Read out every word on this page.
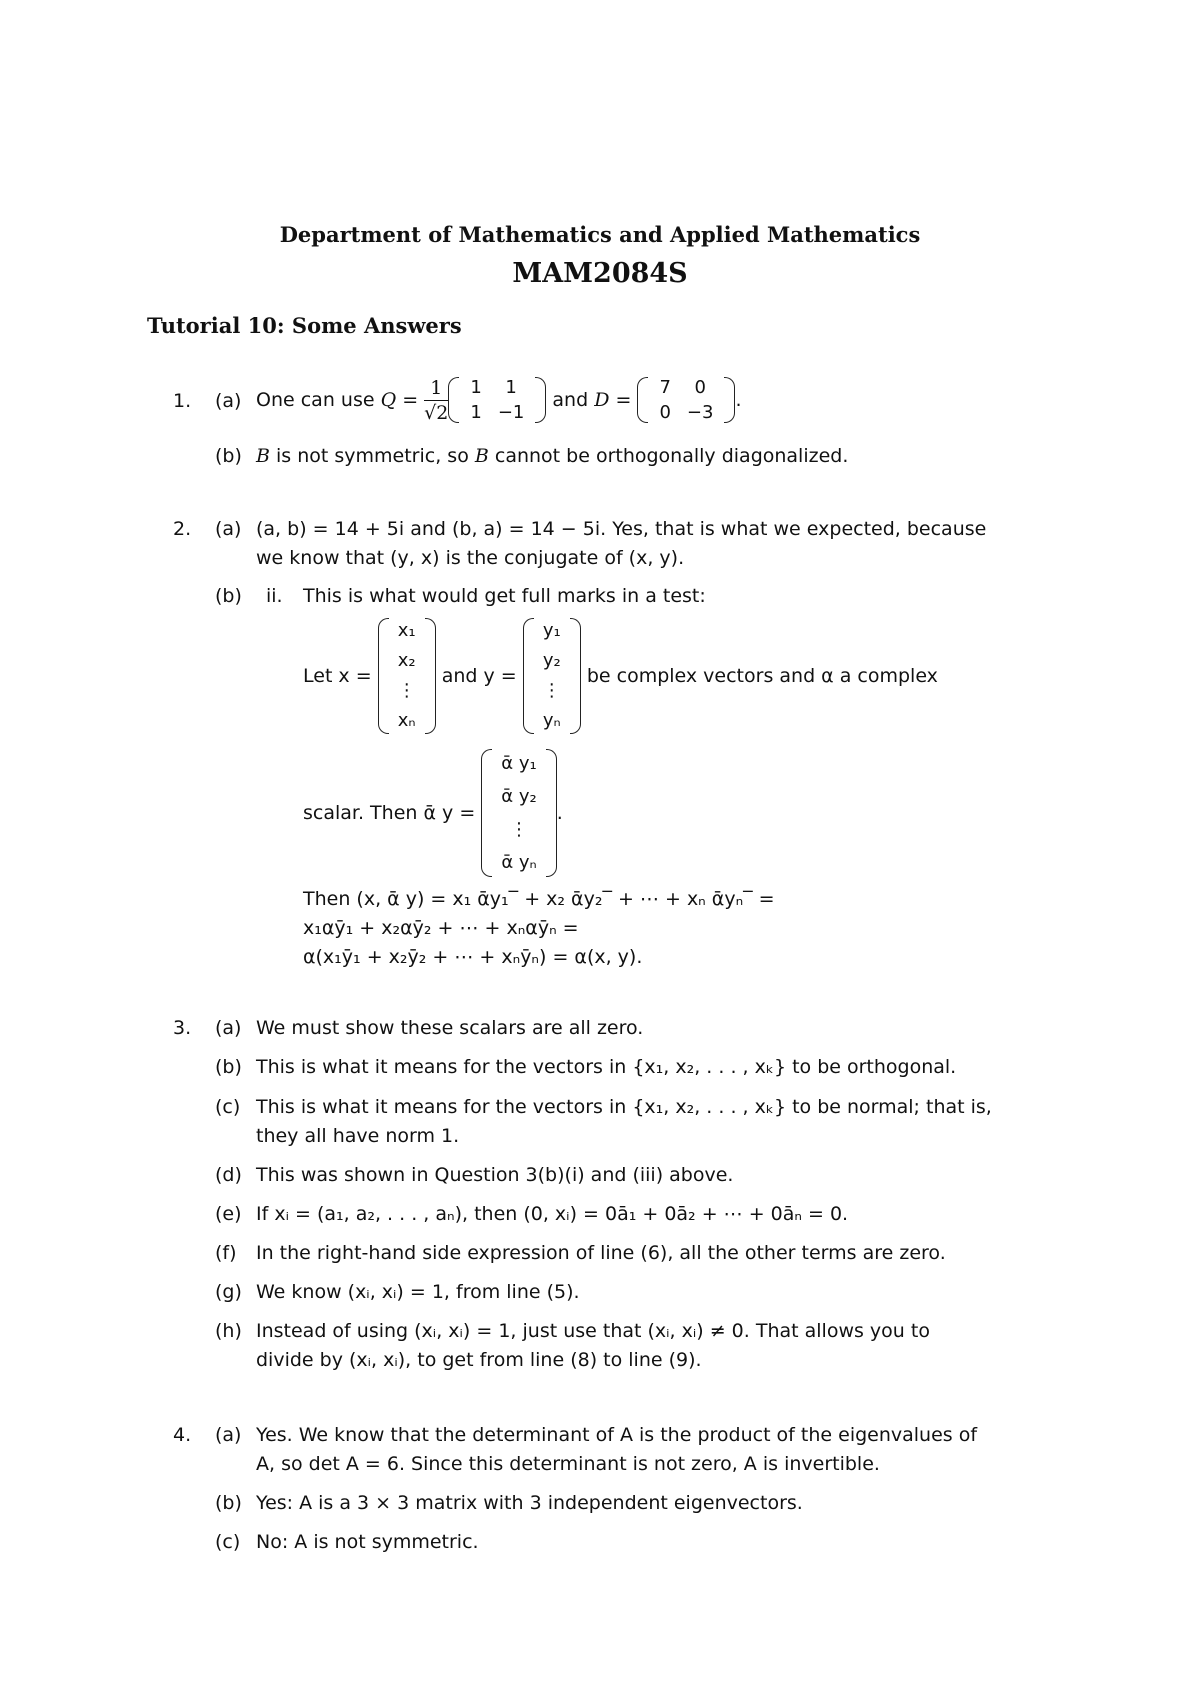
Department of Mathematics and Applied Mathematics
MAM2084S
Tutorial 10: Some Answers
1. (a) One can use
$Q = \frac{1}{√2} 1$	1
1	−1

and
D =
7	0
0	−3
.
(b) B is not symmetric, so B cannot be orthogonally diagonalized.
2. (a) (a, b) = 14 + 5i and (b, a) = 14 − 5i. Yes, that is what we expected, because
we know that (y, x) is the conjugate of (x, y).
(b) ii. This is what would get full marks in a test:
Let x =

x₁
x₂
⋮
xₙ

and y =

y₁
y₂
⋮
yₙ

be complex vectors and α a complex
scalar. Then ᾱ y =

ᾱ y₁
ᾱ y₂
⋮
ᾱ yₙ
.
Then (x, ᾱ y) = x₁ ᾱy₁‾ + x₂ ᾱy₂‾ + ⋯ + xₙ ᾱyₙ‾ =
x₁αȳ₁ + x₂αȳ₂ + ⋯ + xₙαȳₙ =
α(x₁ȳ₁ + x₂ȳ₂ + ⋯ + xₙȳₙ) = α(x, y).
3. (a) We must show these scalars are all zero.
(b) This is what it means for the vectors in {x₁, x₂, . . . , xₖ} to be orthogonal.
(c) This is what it means for the vectors in {x₁, x₂, . . . , xₖ} to be normal; that is,
they all have norm 1.
(d) This was shown in Question 3(b)(i) and (iii) above.
(e) If xᵢ = (a₁, a₂, . . . , aₙ), then (0, xᵢ) = 0ā₁ + 0ā₂ + ⋯ + 0āₙ = 0.
(f) In the right-hand side expression of line (6), all the other terms are zero.
(g) We know (xᵢ, xᵢ) = 1, from line (5).
(h) Instead of using (xᵢ, xᵢ) = 1, just use that (xᵢ, xᵢ) ≠ 0. That allows you to
divide by (xᵢ, xᵢ), to get from line (8) to line (9).
4. (a) Yes. We know that the determinant of A is the product of the eigenvalues of
A, so det A = 6. Since this determinant is not zero, A is invertible.
(b) Yes: A is a 3 × 3 matrix with 3 independent eigenvectors.
(c) No: A is not symmetric.
